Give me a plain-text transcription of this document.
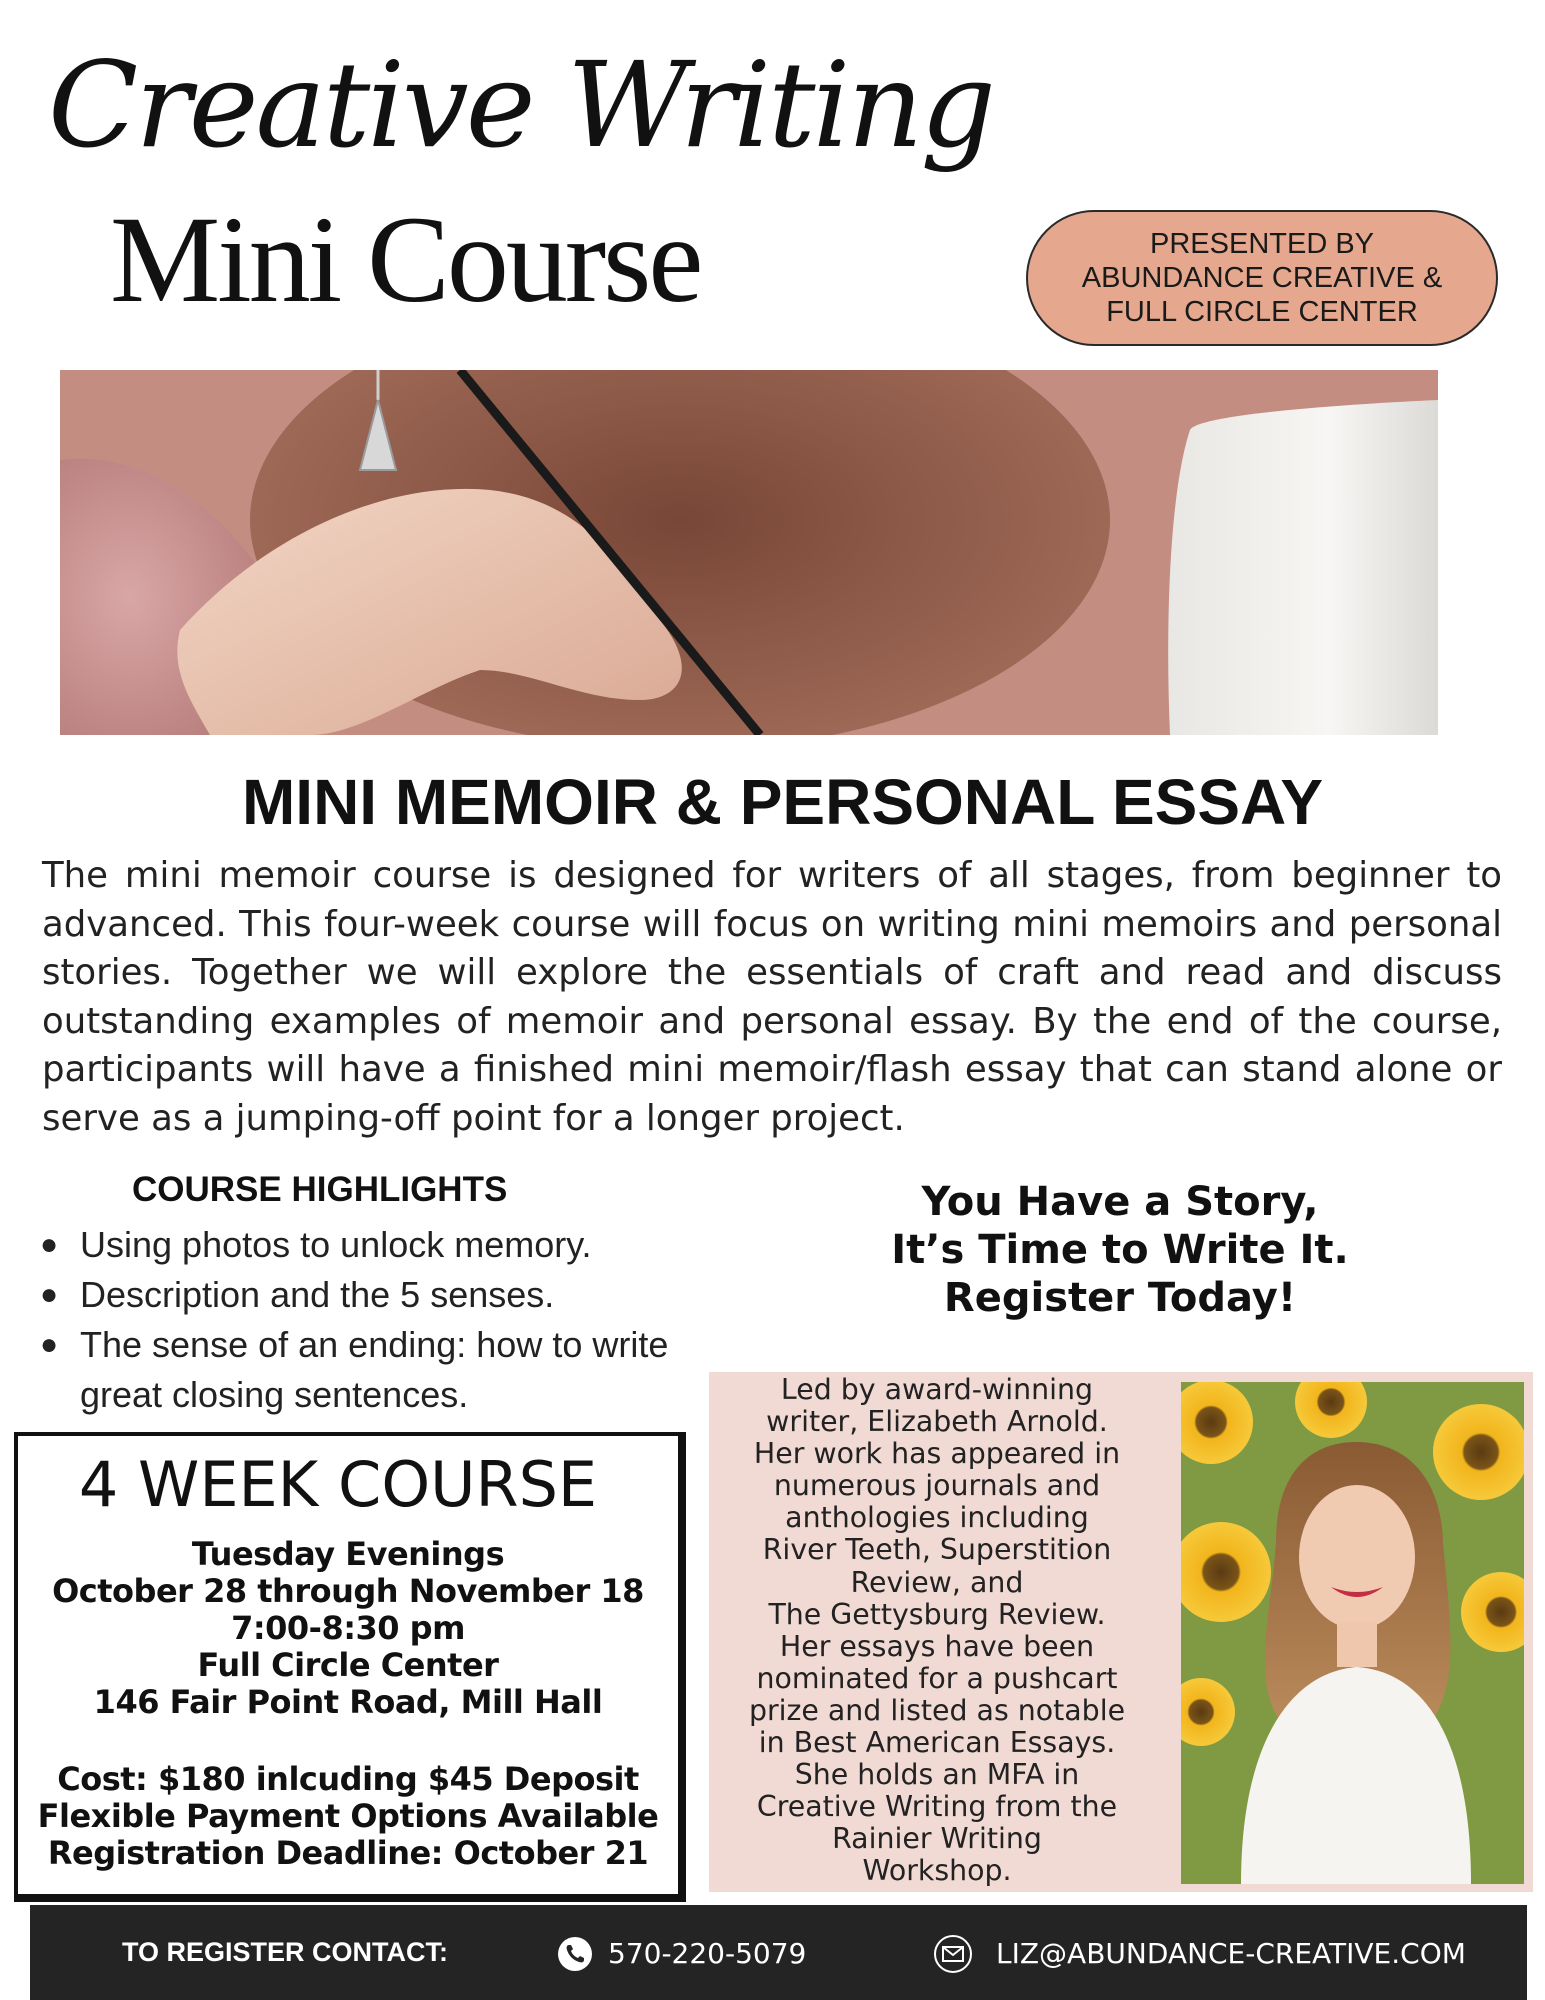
Creative Writing
Mini Course	PRESENTED BY
ABUNDANCE CREATIVE &
FULL CIRCLE CENTER
MINI MEMOIR & PERSONAL ESSAY
The mini memoir course is designed for writers of all stages, from beginner to advanced. This four-week course will focus on writing mini memoirs and personal stories. Together we will explore the essentials of craft and read and discuss outstanding examples of memoir and personal essay. By the end of the course, participants will have a finished mini memoir/flash essay that can stand alone or serve as a jumping-off point for a longer project.
COURSE HIGHLIGHTS
● Using photos to unlock memory.
● Description and the 5 senses.
● The sense of an ending: how to write great closing sentences.
You Have a Story,
It’s Time to Write It.
Register Today!
4 WEEK COURSE
Tuesday Evenings
October 28 through November 18
7:00-8:30 pm
Full Circle Center
146 Fair Point Road, Mill Hall
Cost: $180 inlcuding $45 Deposit
Flexible Payment Options Available
Registration Deadline: October 21
Led by award-winning
writer, Elizabeth Arnold.
Her work has appeared in
numerous journals and
anthologies including
River Teeth, Superstition
Review, and
The Gettysburg Review.
Her essays have been
nominated for a pushcart
prize and listed as notable
in Best American Essays.
She holds an MFA in
Creative Writing from the
Rainier Writing
Workshop.
TO REGISTER CONTACT:	570-220-5079	LIZ@ABUNDANCE-CREATIVE.COM
